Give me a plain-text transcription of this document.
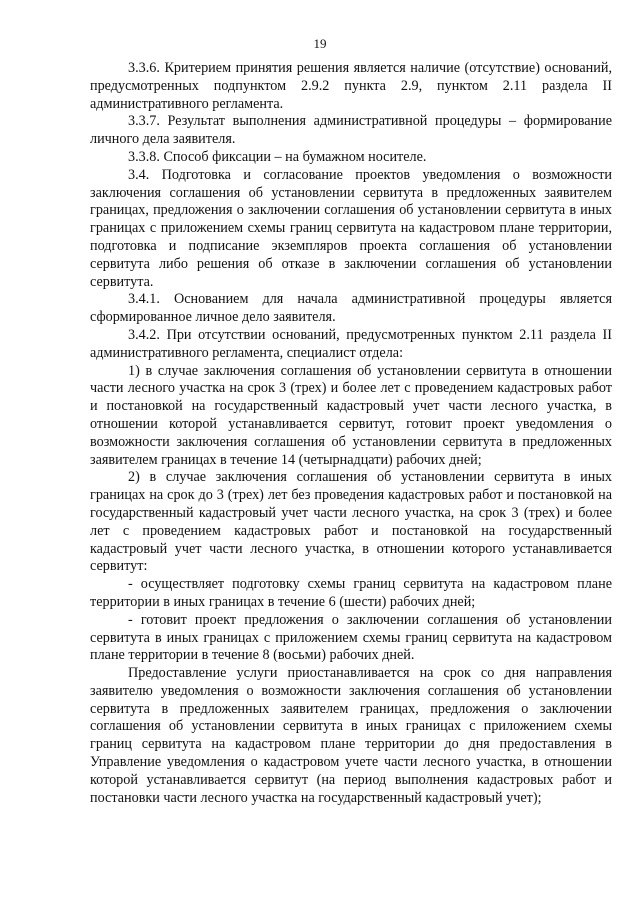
19

3.3.6. Критерием принятия решения является наличие (отсутствие) оснований, предусмотренных подпунктом 2.9.2 пункта 2.9, пунктом 2.11 раздела II административного регламента.

3.3.7. Результат выполнения административной процедуры – формирование личного дела заявителя.

3.3.8. Способ фиксации – на бумажном носителе.

3.4. Подготовка и согласование проектов уведомления о возможности заключения соглашения об установлении сервитута в предложенных заявителем границах, предложения о заключении соглашения об установлении сервитута в иных границах с приложением схемы границ сервитута на кадастровом плане территории, подготовка и подписание экземпляров проекта соглашения об установлении сервитута либо решения об отказе в заключении соглашения об установлении сервитута.

3.4.1. Основанием для начала административной процедуры является сформированное личное дело заявителя.

3.4.2. При отсутствии оснований, предусмотренных пунктом 2.11 раздела II административного регламента, специалист отдела:

1) в случае заключения соглашения об установлении сервитута в отношении части лесного участка на срок 3 (трех) и более лет с проведением кадастровых работ и постановкой на государственный кадастровый учет части лесного участка, в отношении которой устанавливается сервитут, готовит проект уведомления о возможности заключения соглашения об установлении сервитута в предложенных заявителем границах в течение 14 (четырнадцати) рабочих дней;

2) в случае заключения соглашения об установлении сервитута в иных границах на срок до 3 (трех) лет без проведения кадастровых работ и постановкой на государственный кадастровый учет части лесного участка, на срок 3 (трех) и более лет с проведением кадастровых работ и постановкой на государственный кадастровый учет части лесного участка, в отношении которого устанавливается сервитут:

- осуществляет подготовку схемы границ сервитута на кадастровом плане территории в иных границах в течение 6 (шести) рабочих дней;

- готовит проект предложения о заключении соглашения об установлении сервитута в иных границах с приложением схемы границ сервитута на кадастровом плане территории в течение 8 (восьми) рабочих дней.

Предоставление услуги приостанавливается на срок со дня направления заявителю уведомления о возможности заключения соглашения об установлении сервитута в предложенных заявителем границах, предложения о заключении соглашения об установлении сервитута в иных границах с приложением схемы границ сервитута на кадастровом плане территории до дня предоставления в Управление уведомления о кадастровом учете части лесного участка, в отношении которой устанавливается сервитут (на период выполнения кадастровых работ и постановки части лесного участка на государственный кадастровый учет);
